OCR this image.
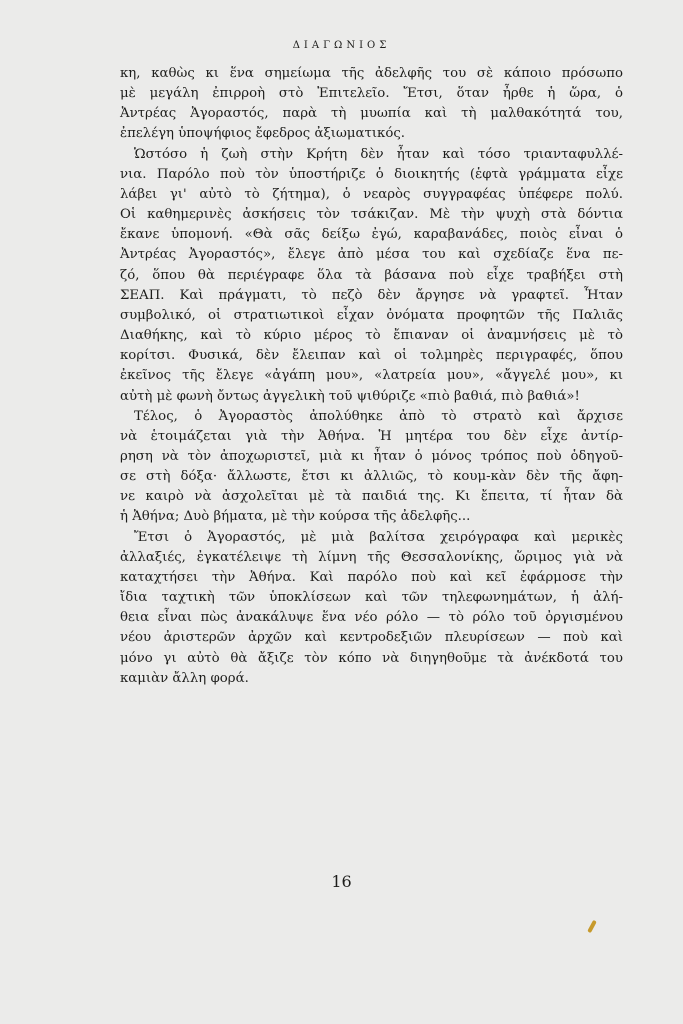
ΔΙΑΓΩΝΙΟΣ
κη, καθὼς κι ἕνα σημείωμα τῆς ἀδελφῆς του σὲ κάποιο πρόσωπο
μὲ μεγάλη ἐπιρροὴ στὸ Ἐπιτελεῖο. Ἔτσι, ὅταν ἦρθε ἡ ὥρα, ὁ
Ἀντρέας Ἀγοραστός, παρὰ τὴ μυωπία καὶ τὴ μαλθακότητά του,
ἐπελέγη ὑποψήφιος ἔφεδρος ἀξιωματικός.
Ὡστόσο ἡ ζωὴ στὴν Κρήτη δὲν ἦταν καὶ τόσο τριανταφυλλέ-
νια. Παρόλο ποὺ τὸν ὑποστήριζε ὁ διοικητής (ἑφτὰ γράμματα εἶχε
λάβει γι' αὐτὸ τὸ ζήτημα), ὁ νεαρὸς συγγραφέας ὑπέφερε πολύ.
Οἱ καθημερινὲς ἀσκήσεις τὸν τσάκιζαν. Μὲ τὴν ψυχὴ στὰ δόντια
ἔκανε ὑπομονή. «Θὰ σᾶς δείξω ἐγώ, καραβανάδες, ποιὸς εἶναι ὁ
Ἀντρέας Ἀγοραστός», ἔλεγε ἀπὸ μέσα του καὶ σχεδίαζε ἕνα πε-
ζό, ὅπου θὰ περιέγραφε ὅλα τὰ βάσανα ποὺ εἶχε τραβήξει στὴ
ΣΕΑΠ. Καὶ πράγματι, τὸ πεζὸ δὲν ἄργησε νὰ γραφτεῖ. Ἦταν
συμβολικό, οἱ στρατιωτικοὶ εἶχαν ὀνόματα προφητῶν τῆς Παλιᾶς
Διαθήκης, καὶ τὸ κύριο μέρος τὸ ἔπιαναν οἱ ἀναμνήσεις μὲ τὸ
κορίτσι. Φυσικά, δὲν ἔλειπαν καὶ οἱ τολμηρὲς περιγραφές, ὅπου
ἐκεῖνος τῆς ἔλεγε «ἀγάπη μου», «λατρεία μου», «ἄγγελέ μου», κι
αὐτὴ μὲ φωνὴ ὄντως ἀγγελικὴ τοῦ ψιθύριζε «πιὸ βαθιά, πιὸ βαθιά»!
Τέλος, ὁ Ἀγοραστὸς ἀπολύθηκε ἀπὸ τὸ στρατὸ καὶ ἄρχισε
νὰ ἑτοιμάζεται γιὰ τὴν Ἀθήνα. Ἡ μητέρα του δὲν εἶχε ἀντίρ-
ρηση νὰ τὸν ἀποχωριστεῖ, μιὰ κι ἦταν ὁ μόνος τρόπος ποὺ ὁδηγοῦ-
σε στὴ δόξα· ἄλλωστε, ἔτσι κι ἀλλιῶς, τὸ κουμ-κὰν δὲν τῆς ἄφη-
νε καιρὸ νὰ ἀσχολεῖται μὲ τὰ παιδιά της. Κι ἔπειτα, τί ἦταν δὰ
ἡ Ἀθήνα; Δυὸ βήματα, μὲ τὴν κούρσα τῆς ἀδελφῆς...
Ἔτσι ὁ Ἀγοραστός, μὲ μιὰ βαλίτσα χειρόγραφα καὶ μερικὲς
ἀλλαξιές, ἐγκατέλειψε τὴ λίμνη τῆς Θεσσαλονίκης, ὥριμος γιὰ νὰ
καταχτήσει τὴν Ἀθήνα. Καὶ παρόλο ποὺ καὶ κεῖ ἐφάρμοσε τὴν
ἴδια ταχτικὴ τῶν ὑποκλίσεων καὶ τῶν τηλεφωνημάτων, ἡ ἀλή-
θεια εἶναι πὼς ἀνακάλυψε ἕνα νέο ρόλο — τὸ ρόλο τοῦ ὀργισμένου
νέου ἀριστερῶν ἀρχῶν καὶ κεντροδεξιῶν πλευρίσεων — ποὺ καὶ
μόνο γι αὐτὸ θὰ ἄξιζε τὸν κόπο νὰ διηγηθοῦμε τὰ ἀνέκδοτά του
καμιὰν ἄλλη φορά.
16
